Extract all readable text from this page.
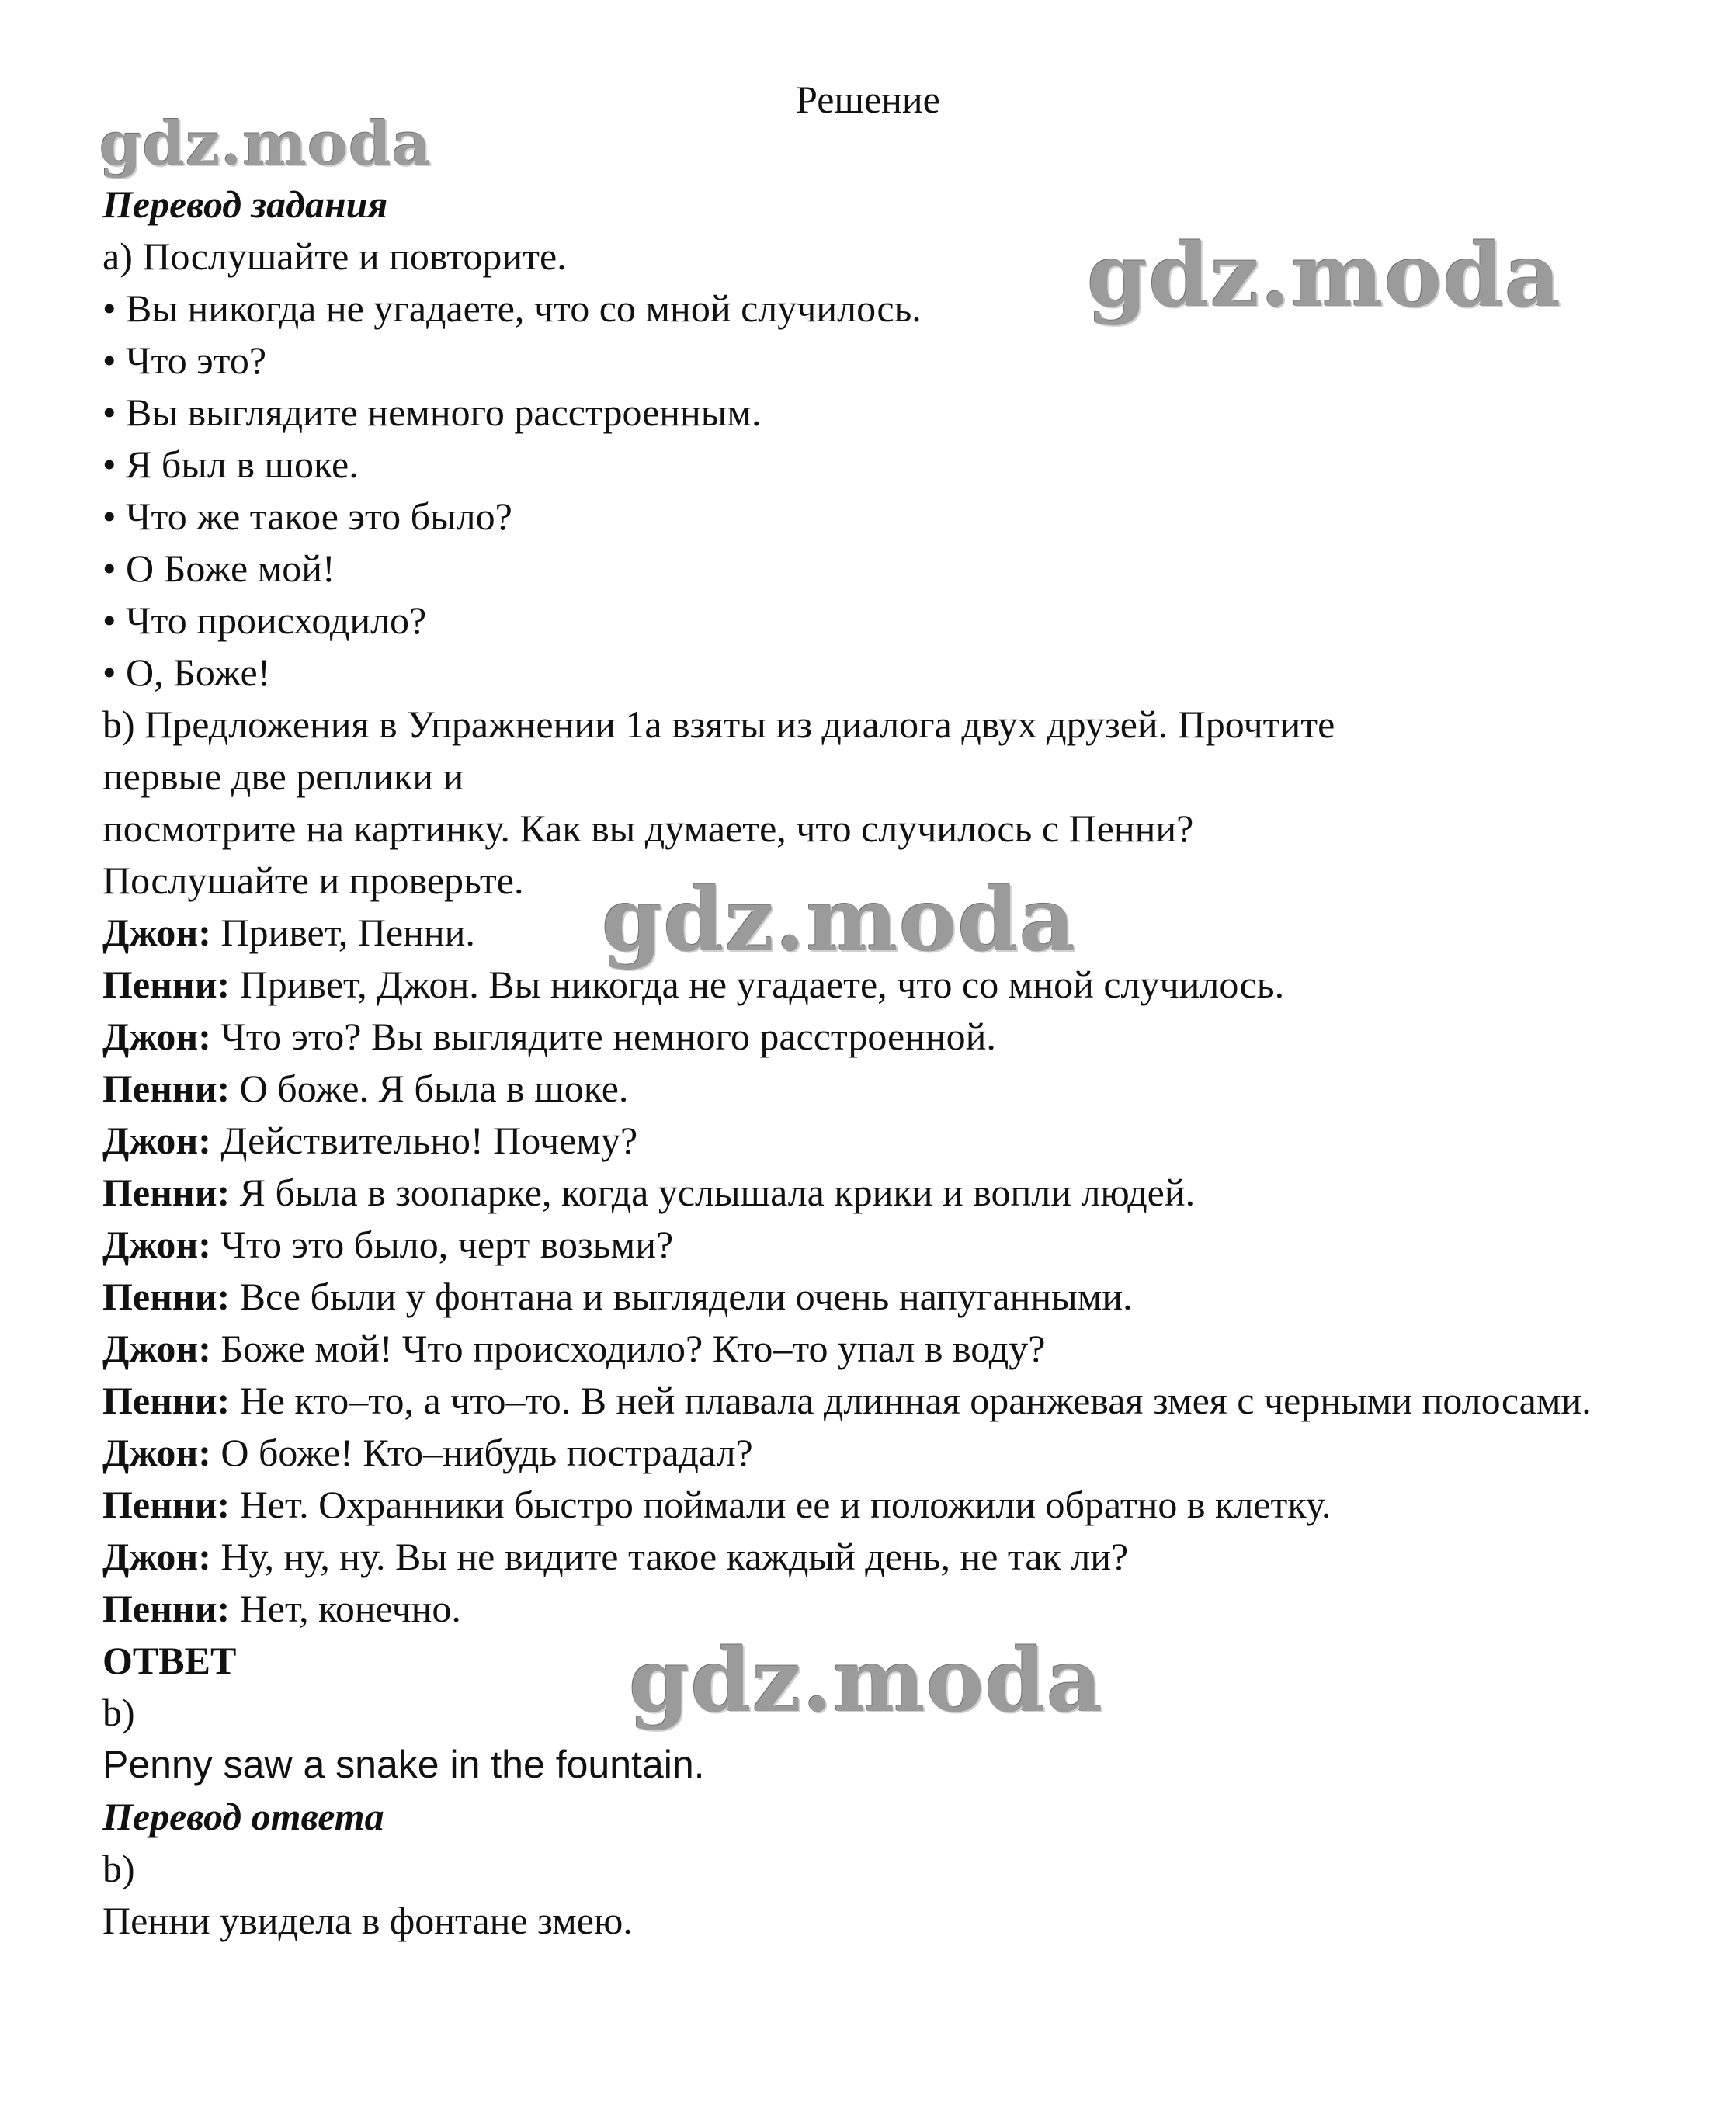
Решение
Перевод задания
a) Послушайте и повторите.
• Вы никогда не угадаете, что со мной случилось.
• Что это?
• Вы выглядите немного расстроенным.
• Я был в шоке.
• Что же такое это было?
• О Боже мой!
• Что происходило?
• О, Боже!
b) Предложения в Упражнении 1а взяты из диалога двух друзей. Прочтите
первые две реплики и
посмотрите на картинку. Как вы думаете, что случилось с Пенни?
Послушайте и проверьте.
Джон: Привет, Пенни.
Пенни: Привет, Джон. Вы никогда не угадаете, что со мной случилось.
Джон: Что это? Вы выглядите немного расстроенной.
Пенни: О боже. Я была в шоке.
Джон: Действительно! Почему?
Пенни: Я была в зоопарке, когда услышала крики и вопли людей.
Джон: Что это было, черт возьми?
Пенни: Все были у фонтана и выглядели очень напуганными.
Джон: Боже мой! Что происходило? Кто–то упал в воду?
Пенни: Не кто–то, а что–то. В ней плавала длинная оранжевая змея с черными полосами.
Джон: О боже! Кто–нибудь пострадал?
Пенни: Нет. Охранники быстро поймали ее и положили обратно в клетку.
Джон: Ну, ну, ну. Вы не видите такое каждый день, не так ли?
Пенни: Нет, конечно.
ОТВЕТ
b)
Penny saw a snake in the fountain.
Перевод ответа
b)
Пенни увидела в фонтане змею.
gdz.moda
gdz.moda
gdz.moda
gdz.moda
